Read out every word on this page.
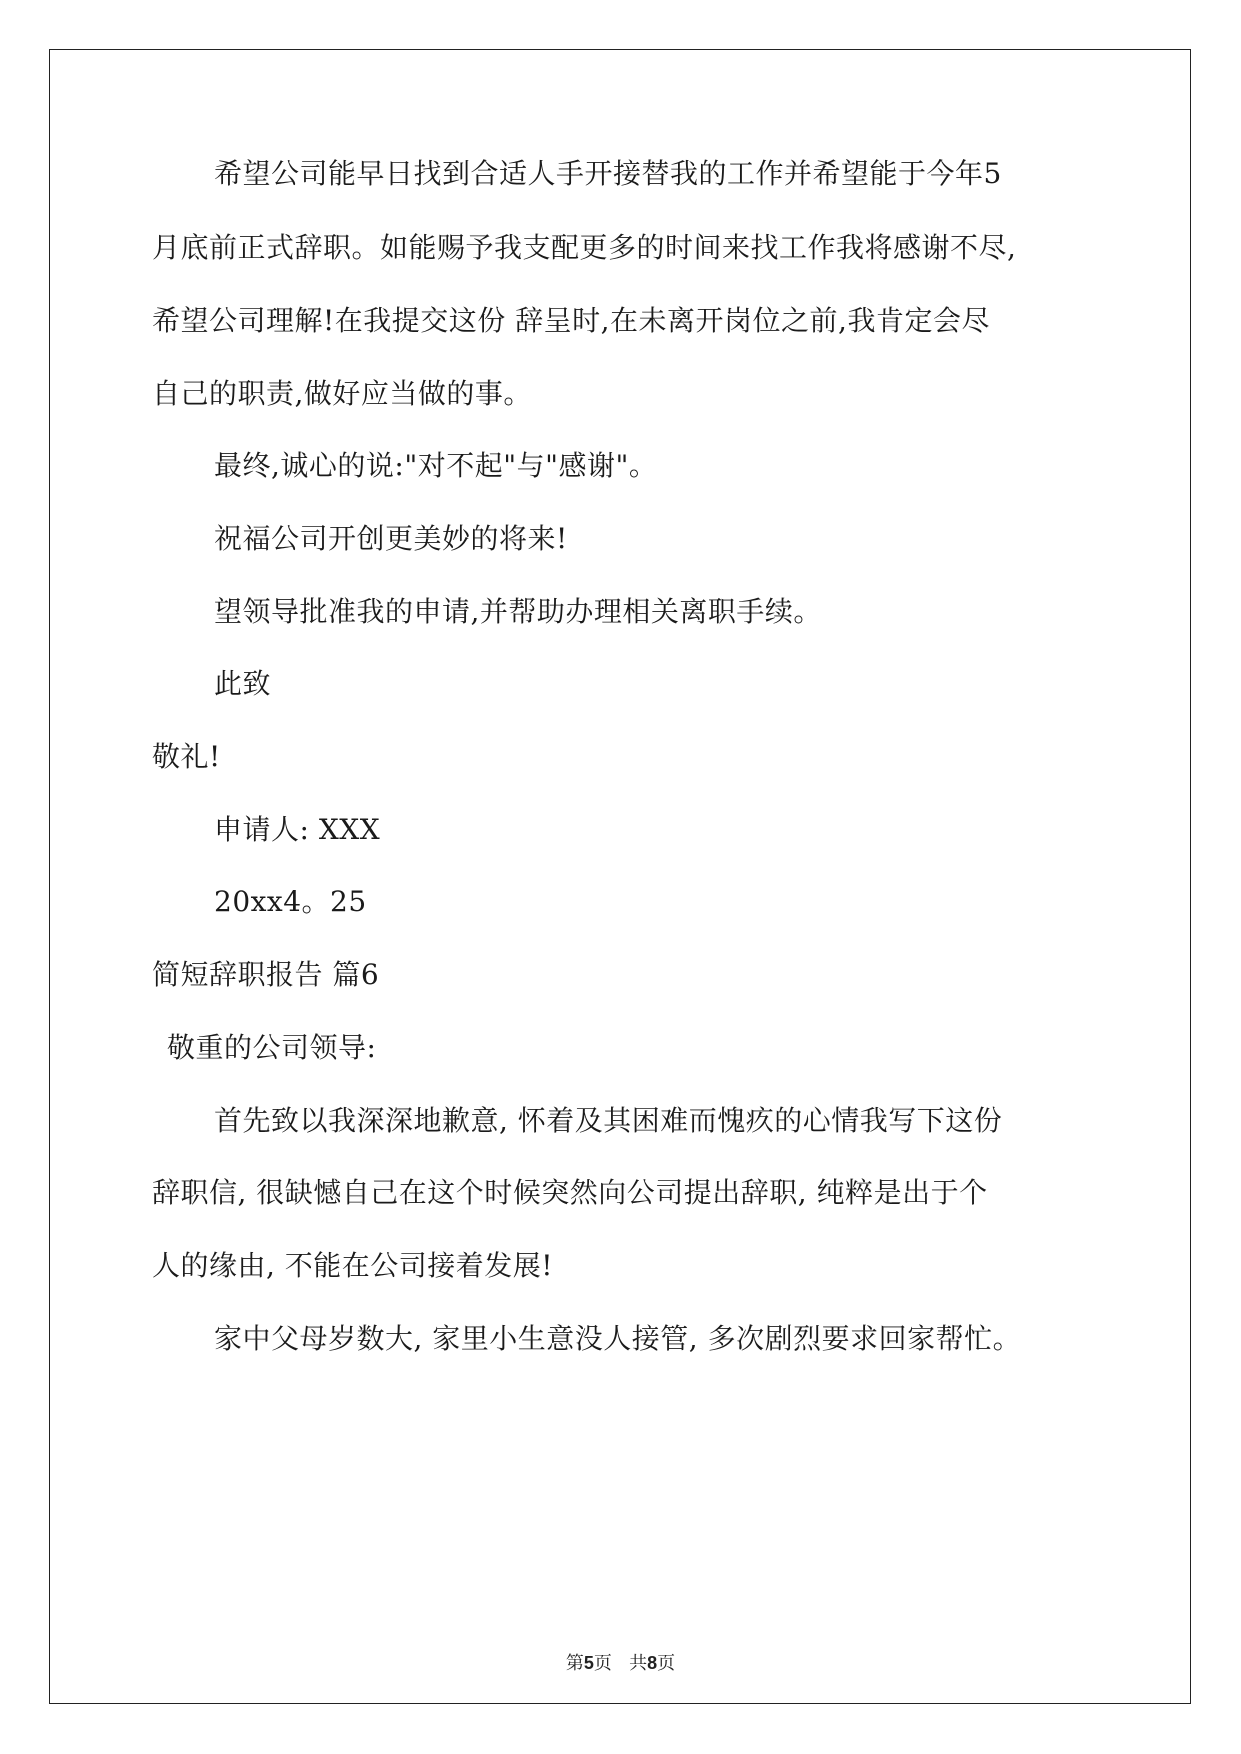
希望公司能早日找到合适人手开接替我的工作并希望能于今年5
月底前正式辞职。如能赐予我支配更多的时间来找工作我将感谢不尽,
希望公司理解!在我提交这份 辞呈时,在未离开岗位之前,我肯定会尽
自己的职责,做好应当做的事。
最终,诚心的说:"对不起"与"感谢"。
祝福公司开创更美妙的将来!
望领导批准我的申请,并帮助办理相关离职手续。
此致
敬礼!
申请人: XXX
20xx4。25
简短辞职报告 篇6
敬重的公司领导:
首先致以我深深地歉意, 怀着及其困难而愧疚的心情我写下这份
辞职信, 很缺憾自己在这个时候突然向公司提出辞职, 纯粹是出于个
人的缘由, 不能在公司接着发展!
家中父母岁数大, 家里小生意没人接管, 多次剧烈要求回家帮忙。
第5页 共8页
